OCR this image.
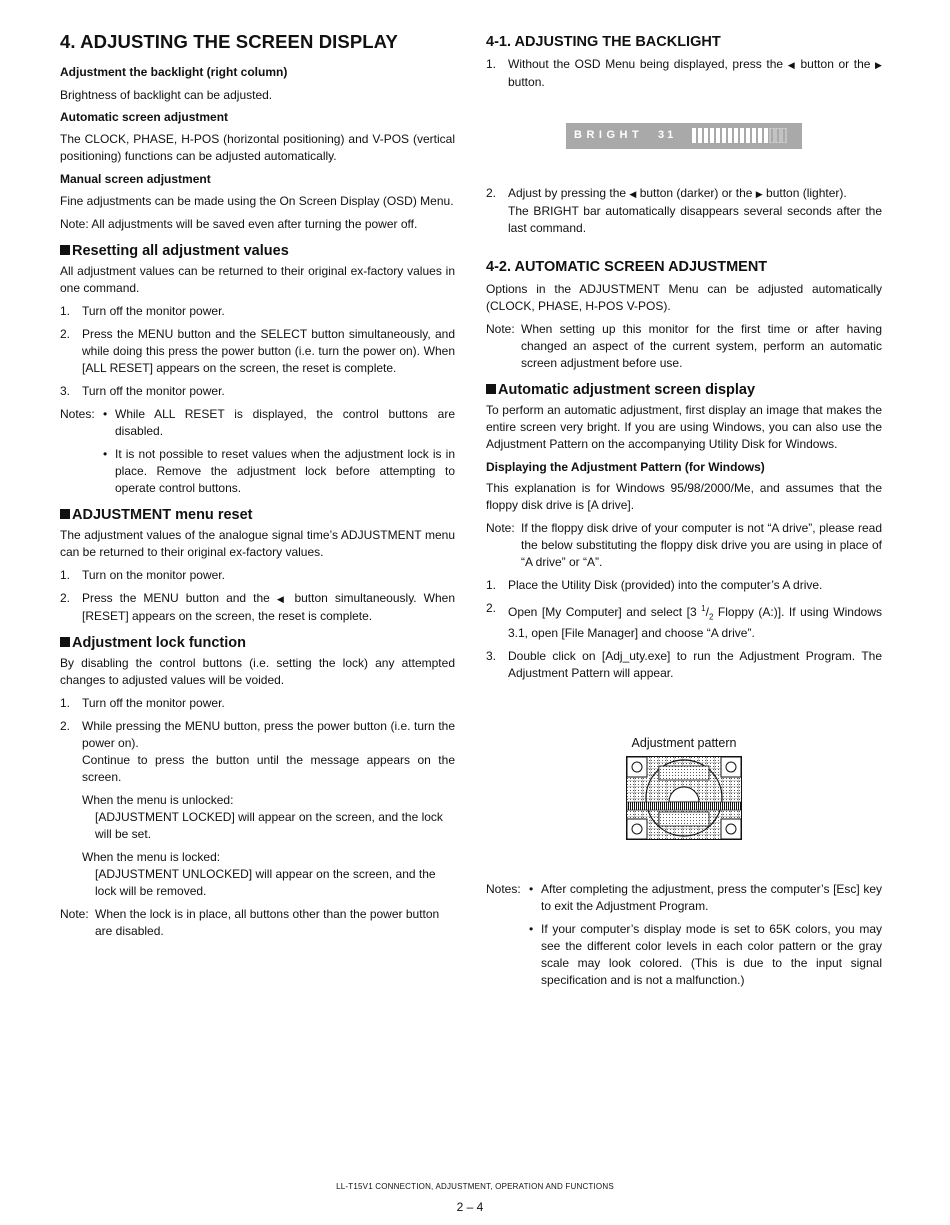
4. ADJUSTING THE SCREEN DISPLAY

Adjustment the backlight (right column)

Brightness of backlight can be adjusted.

Automatic screen adjustment

The CLOCK, PHASE, H-POS (horizontal positioning) and V-POS (vertical positioning) functions can be adjusted automatically.

Manual screen adjustment

Fine adjustments can be made using the On Screen Display (OSD) Menu.

Note: All adjustments will be saved even after turning the power off.

Resetting all adjustment values

All adjustment values can be returned to their original ex-factory values in one command.

1. Turn off the monitor power.
2. Press the MENU button and the SELECT button simultaneously, and while doing this press the power button (i.e. turn the power on). When [ALL RESET] appears on the screen, the reset is complete.
3. Turn off the monitor power.
Notes: • While ALL RESET is displayed, the control buttons are disabled.
• It is not possible to reset values when the adjustment lock is in place. Remove the adjustment lock before attempting to operate control buttons.

ADJUSTMENT menu reset

The adjustment values of the analogue signal time’s ADJUSTMENT menu can be returned to their original ex-factory values.

1. Turn on the monitor power.
2. Press the MENU button and the ◀ button simultaneously. When [RESET] appears on the screen, the reset is complete.

Adjustment lock function

By disabling the control buttons (i.e. setting the lock) any attempted changes to adjusted values will be voided.

1. Turn off the monitor power.
2. While pressing the MENU button, press the power button (i.e. turn the power on).

Continue to press the button until the message appears on the screen.

When the menu is unlocked:

[ADJUSTMENT LOCKED] will appear on the screen, and the lock will be set.

When the menu is locked:

[ADJUSTMENT UNLOCKED] will appear on the screen, and the lock will be removed.

Note: When the lock is in place, all buttons other than the power button are disabled.

4-1. ADJUSTING THE BACKLIGHT

1. Without the OSD Menu being displayed, press the ◀ button or the ▶ button.
BRIGHT 31
2. Adjust by pressing the ◀ button (darker) or the ▶ button (lighter).

The BRIGHT bar automatically disappears several seconds after the last command.

4-2. AUTOMATIC SCREEN ADJUSTMENT

Options in the ADJUSTMENT Menu can be adjusted automatically (CLOCK, PHASE, H-POS V-POS).

Note: When setting up this monitor for the first time or after having changed an aspect of the current system, perform an automatic screen adjustment before use.

Automatic adjustment screen display

To perform an automatic adjustment, first display an image that makes the entire screen very bright. If you are using Windows, you can also use the Adjustment Pattern on the accompanying Utility Disk for Windows.

Displaying the Adjustment Pattern (for Windows)

This explanation is for Windows 95/98/2000/Me, and assumes that the floppy disk drive is [A drive].

Note: If the floppy disk drive of your computer is not “A drive”, please read the below substituting the floppy disk drive you are using in place of “A drive” or “A”.
1. Place the Utility Disk (provided) into the computer’s A drive.
2. Open [My Computer] and select [3 $^1/_2$ Floppy (A:)]. If using Windows 3.1, open [File Manager] and choose “A drive”.
3. Double click on [Adj_uty.exe] to run the Adjustment Program. The Adjustment Pattern will appear.
Notes: • After completing the adjustment, press the computer’s [Esc] key to exit the Adjustment Program.
• If your computer’s display mode is set to 65K colors, you may see the different color levels in each color pattern or the gray scale may look colored. (This is due to the input signal specification and is not a malfunction.)

Adjustment pattern

LL-T15V1 CONNECTION, ADJUSTMENT, OPERATION AND FUNCTIONS
2 – 4
